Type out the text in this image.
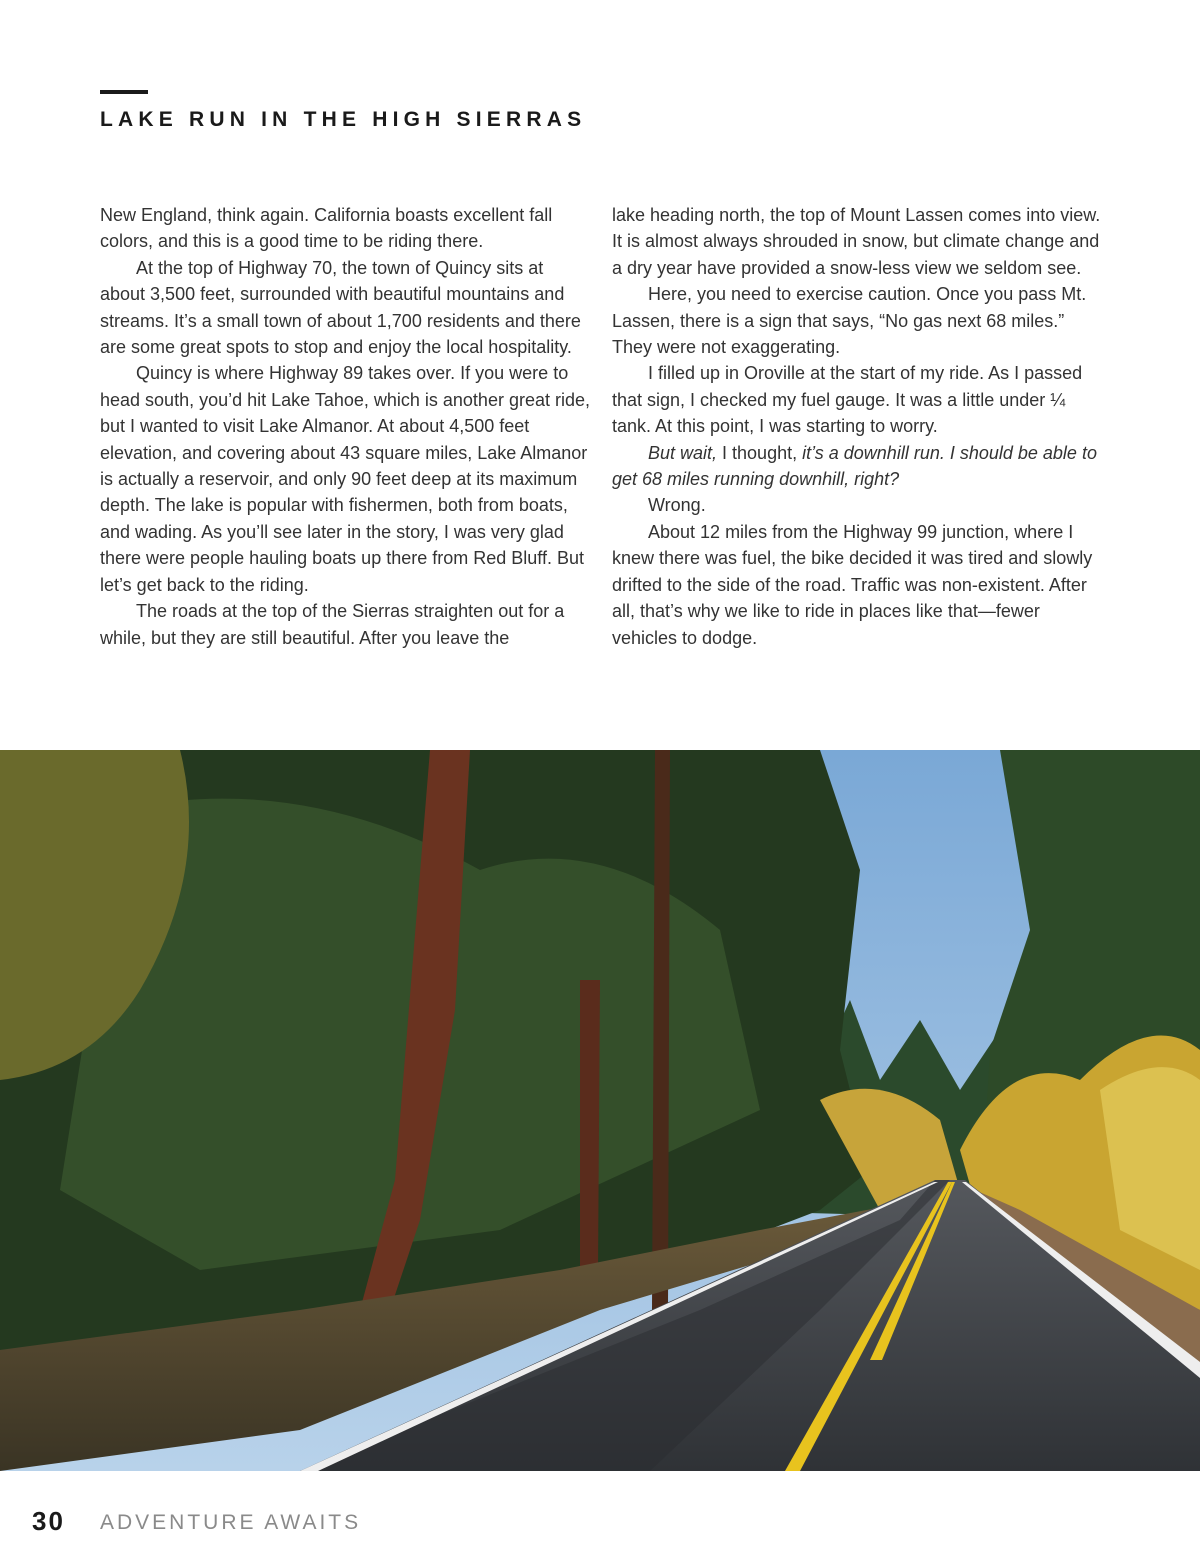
LAKE RUN IN THE HIGH SIERRAS

New England, think again. California boasts excellent fall colors, and this is a good time to be riding there.

At the top of Highway 70, the town of Quincy sits at about 3,500 feet, surrounded with beautiful mountains and streams. It’s a small town of about 1,700 residents and there are some great spots to stop and enjoy the local hospitality.

Quincy is where Highway 89 takes over. If you were to head south, you’d hit Lake Tahoe, which is another great ride, but I wanted to visit Lake Almanor. At about 4,500 feet elevation, and covering about 43 square miles, Lake Almanor is actually a reservoir, and only 90 feet deep at its maximum depth. The lake is popular with fishermen, both from boats, and wading. As you’ll see later in the story, I was very glad there were people hauling boats up there from Red Bluff. But let’s get back to the riding.

The roads at the top of the Sierras straighten out for a while, but they are still beautiful. After you leave the

lake heading north, the top of Mount Lassen comes into view. It is almost always shrouded in snow, but climate change and a dry year have provided a snow-less view we seldom see.

Here, you need to exercise caution. Once you pass Mt. Lassen, there is a sign that says, “No gas next 68 miles.” They were not exaggerating.

I filled up in Oroville at the start of my ride. As I passed that sign, I checked my fuel gauge. It was a little under ¼ tank. At this point, I was starting to worry.

But wait, I thought, it’s a downhill run. I should be able to get 68 miles running downhill, right?

Wrong.

About 12 miles from the Highway 99 junction, where I knew there was fuel, the bike decided it was tired and slowly drifted to the side of the road. Traffic was non-existent. After all, that’s why we like to ride in places like that—fewer vehicles to dodge.

30 ADVENTURE AWAITS
